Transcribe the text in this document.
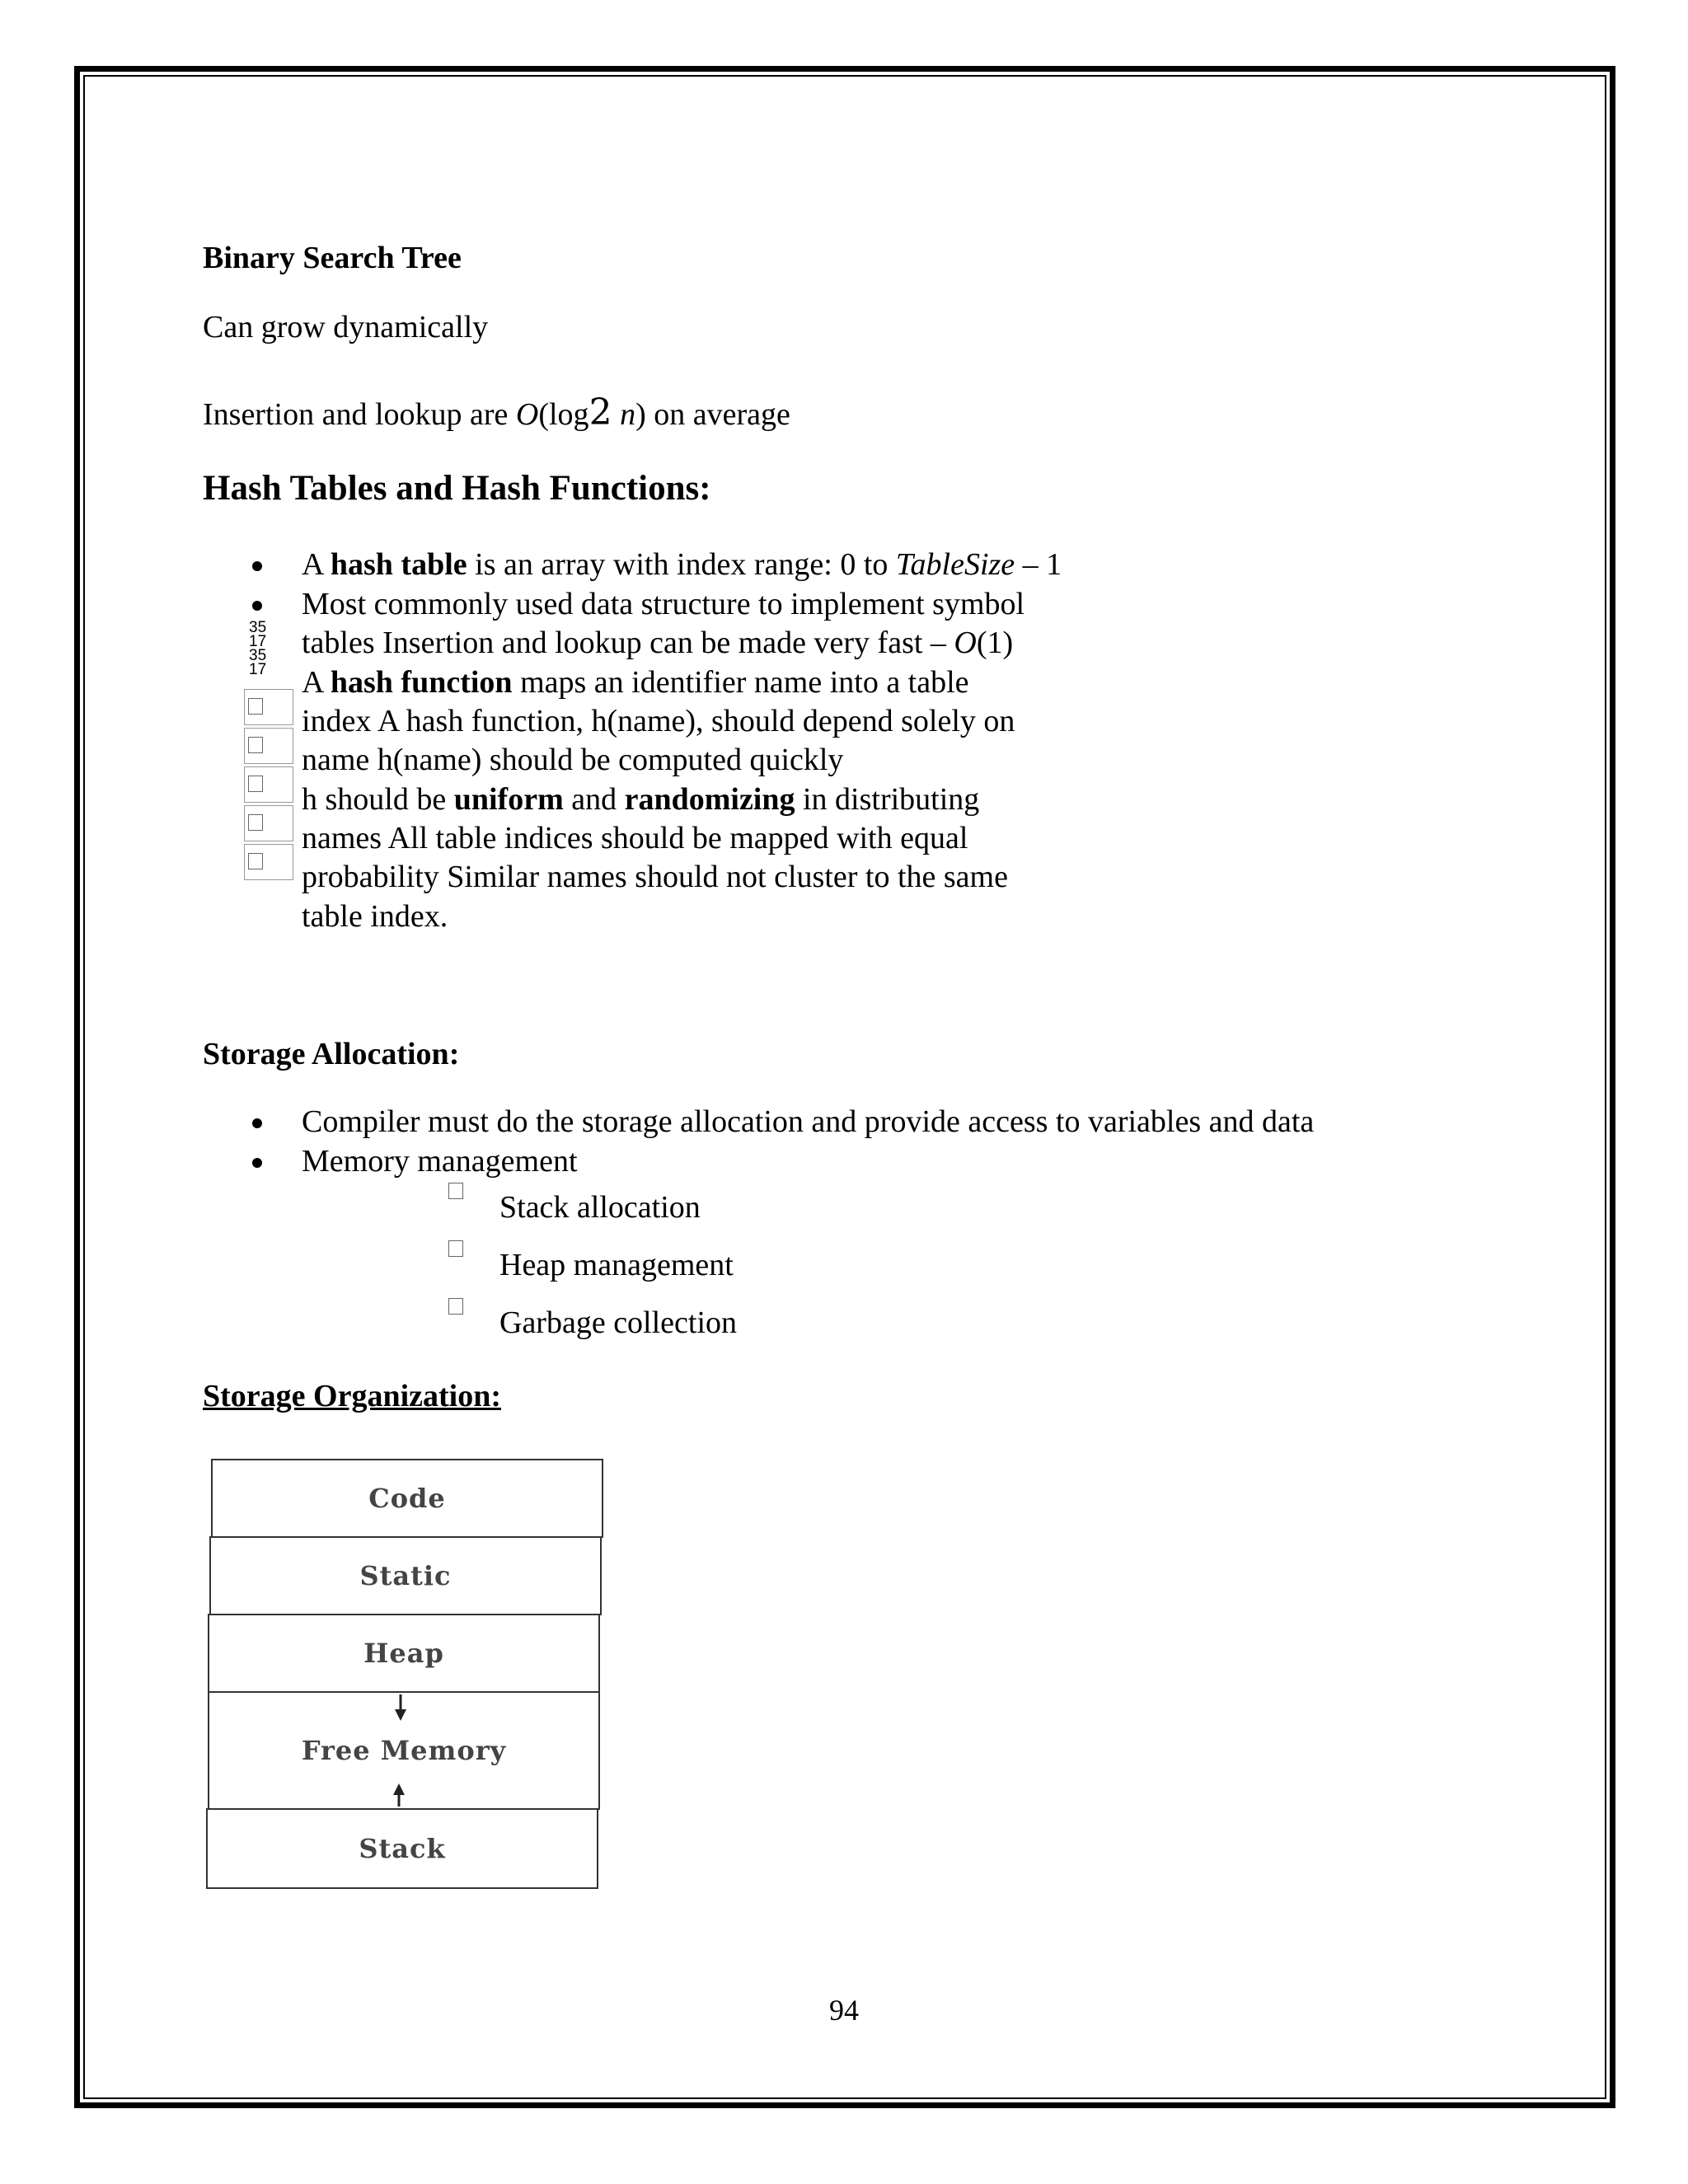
Binary Search Tree
Can grow dynamically
Insertion and lookup are O(log2 n) on average
Hash Tables and Hash Functions:
A hash table is an array with index range: 0 to TableSize – 1
Most commonly used data structure to implement symbol
35
17
35
17
tables Insertion and lookup can be made very fast – O(1)
A hash function maps an identifier name into a table
index A hash function, h(name), should depend solely on
name h(name) should be computed quickly
h should be uniform and randomizing in distributing
names All table indices should be mapped with equal
probability Similar names should not cluster to the same
table index.
Storage Allocation:
Compiler must do the storage allocation and provide access to variables and data
Memory management
Stack allocation
Heap management
Garbage collection
Storage Organization:
Code
Static
Heap
Free Memory
Stack
94
